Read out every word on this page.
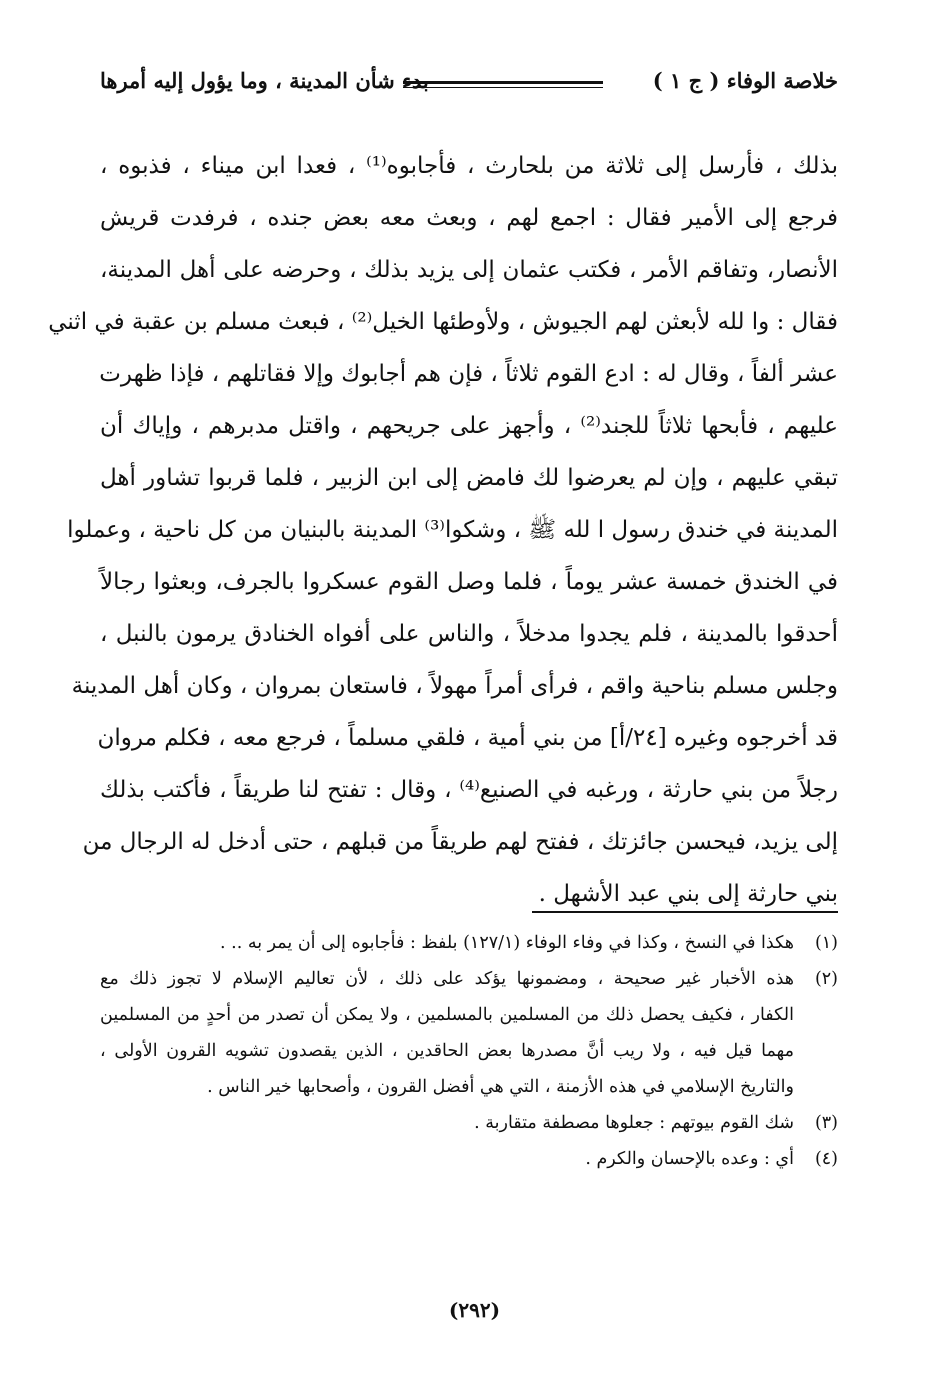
خلاصة الوفاء ( ج ١ )
بدء شأن المدينة ، وما يؤول إليه أمرها
بذلك ، فأرسل إلى ثلاثة من بلحارث ، فأجابوه⁽¹⁾ ، فعدا ابن ميناء ، فذبوه ،
فرجع إلى الأمير فقال : اجمع لهم ، وبعث معه بعض جنده ، فرفدت قريش
الأنصار، وتفاقم الأمر ، فكتب عثمان إلى يزيد بذلك ، وحرضه على أهل المدينة،
فقال : وا لله لأبعثن لهم الجيوش ، ولأوطئها الخيل⁽²⁾ ، فبعث مسلم بن عقبة في اثني
عشر ألفاً ، وقال له : ادع القوم ثلاثاً ، فإن هم أجابوك وإلا فقاتلهم ، فإذا ظهرت
عليهم ، فأبحها ثلاثاً للجند⁽²⁾ ، وأجهز على جريحهم ، واقتل مدبرهم ، وإياك أن
تبقي عليهم ، وإن لم يعرضوا لك فامض إلى ابن الزبير ، فلما قربوا تشاور أهل
المدينة في خندق رسول ا لله ﷺ ، وشكوا⁽³⁾ المدينة بالبنيان من كل ناحية ، وعملوا
في الخندق خمسة عشر يوماً ، فلما وصل القوم عسكروا بالجرف، وبعثوا رجالاً
أحدقوا بالمدينة ، فلم يجدوا مدخلاً ، والناس على أفواه الخنادق يرمون بالنبل ،
وجلس مسلم بناحية واقم ، فرأى أمراً مهولاً ، فاستعان بمروان ، وكان أهل المدينة
قد أخرجوه وغيره [٢٤/أ] من بني أمية ، فلقي مسلماً ، فرجع معه ، فكلم مروان
رجلاً من بني حارثة ، ورغبه في الصنيع⁽⁴⁾ ، وقال : تفتح لنا طريقاً ، فأكتب بذلك
إلى يزيد، فيحسن جائزتك ، ففتح لهم طريقاً من قبلهم ، حتى أدخل له الرجال من
بني حارثة إلى بني عبد الأشهل .
(١)هكذا في النسخ ، وكذا في وفاء الوفاء (١٢٧/١) بلفظ : فأجابوه إلى أن يمر به .. .
(٢)هذه الأخبار غير صحيحة ، ومضمونها يؤكد على ذلك ، لأن تعاليم الإسلام لا تجوز ذلك مع
الكفار ، فكيف يحصل ذلك من المسلمين بالمسلمين ، ولا يمكن أن تصدر من أحدٍ من المسلمين
مهما قيل فيه ، ولا ريب أنَّ مصدرها بعض الحاقدين ، الذين يقصدون تشويه القرون الأولى ،
والتاريخ الإسلامي في هذه الأزمنة ، التي هي أفضل القرون ، وأصحابها خير الناس .
(٣)شك القوم بيوتهم : جعلوها مصطفة متقاربة .
(٤)أي : وعده بالإحسان والكرم .
(٢٩٢)
